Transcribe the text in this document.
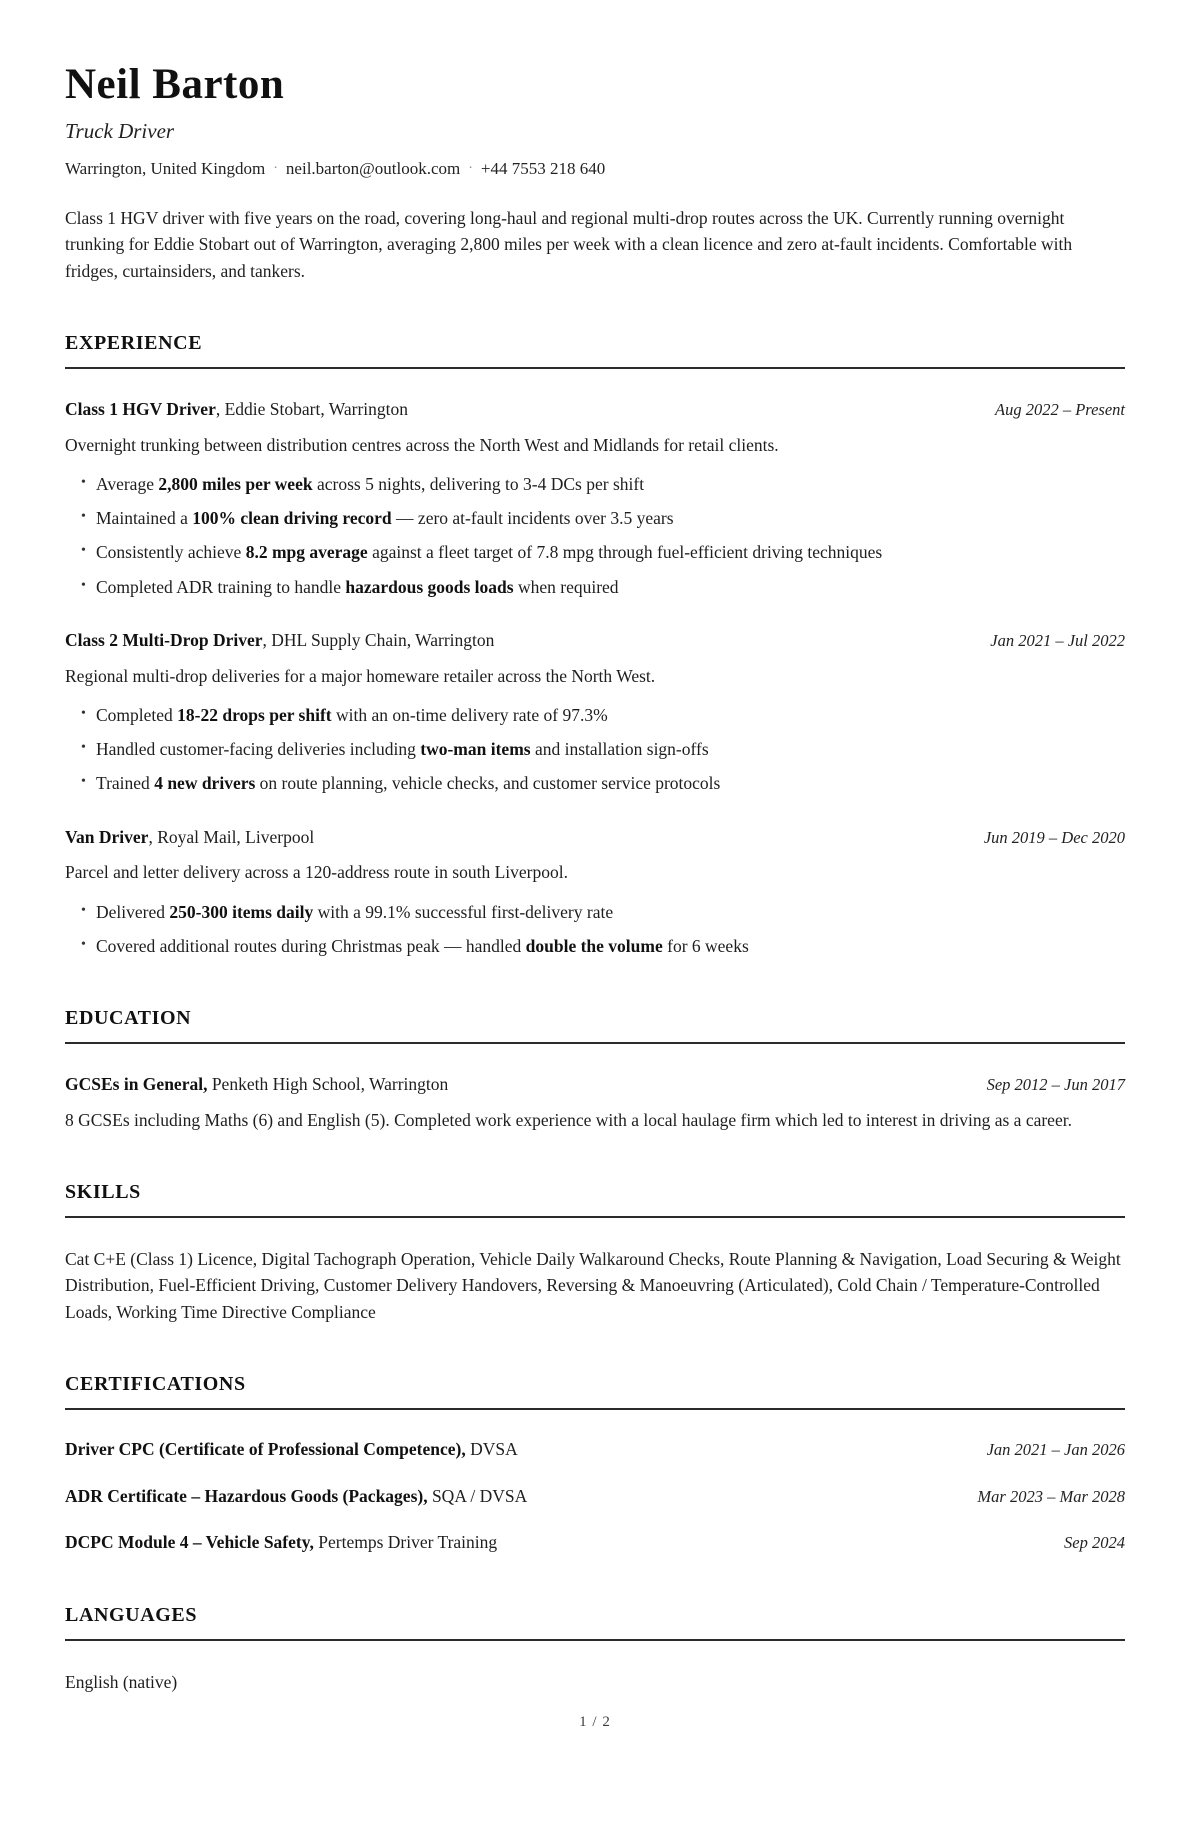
Neil Barton
Truck Driver
Warrington, United Kingdom · neil.barton@outlook.com · +44 7553 218 640

Class 1 HGV driver with five years on the road, covering long-haul and regional multi-drop routes across the UK. Currently running overnight trunking for Eddie Stobart out of Warrington, averaging 2,800 miles per week with a clean licence and zero at-fault incidents. Comfortable with fridges, curtainsiders, and tankers.

EXPERIENCE
Class 1 HGV Driver, Eddie Stobart, Warrington	Aug 2022 – Present

Overnight trunking between distribution centres across the North West and Midlands for retail clients.

• Average 2,800 miles per week across 5 nights, delivering to 3-4 DCs per shift
• Maintained a 100% clean driving record — zero at-fault incidents over 3.5 years
• Consistently achieve 8.2 mpg average against a fleet target of 7.8 mpg through fuel-efficient driving techniques
• Completed ADR training to handle hazardous goods loads when required
Class 2 Multi-Drop Driver, DHL Supply Chain, Warrington	Jan 2021 – Jul 2022

Regional multi-drop deliveries for a major homeware retailer across the North West.

• Completed 18-22 drops per shift with an on-time delivery rate of 97.3%
• Handled customer-facing deliveries including two-man items and installation sign-offs
• Trained 4 new drivers on route planning, vehicle checks, and customer service protocols
Van Driver, Royal Mail, Liverpool	Jun 2019 – Dec 2020

Parcel and letter delivery across a 120-address route in south Liverpool.

• Delivered 250-300 items daily with a 99.1% successful first-delivery rate
• Covered additional routes during Christmas peak — handled double the volume for 6 weeks
EDUCATION
GCSEs in General, Penketh High School, Warrington	Sep 2012 – Jun 2017

8 GCSEs including Maths (6) and English (5). Completed work experience with a local haulage firm which led to interest in driving as a career.

SKILLS

Cat C+E (Class 1) Licence, Digital Tachograph Operation, Vehicle Daily Walkaround Checks, Route Planning & Navigation, Load Securing & Weight Distribution, Fuel-Efficient Driving, Customer Delivery Handovers, Reversing & Manoeuvring (Articulated), Cold Chain / Temperature-Controlled Loads, Working Time Directive Compliance

CERTIFICATIONS
Driver CPC (Certificate of Professional Competence), DVSA	Jan 2021 – Jan 2026
ADR Certificate – Hazardous Goods (Packages), SQA / DVSA	Mar 2023 – Mar 2028
DCPC Module 4 – Vehicle Safety, Pertemps Driver Training	Sep 2024
LANGUAGES

English (native)

1 / 2
